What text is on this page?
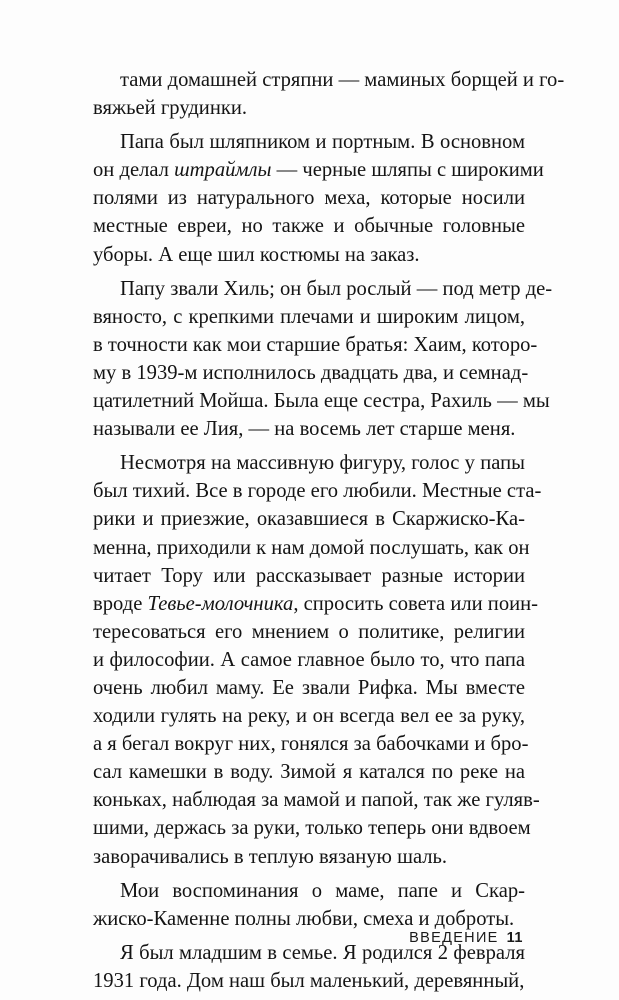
тами домашней стряпни — маминых борщей и го-
вяжьей грудинки.
Папа был шляпником и портным. В основном
он делал штраймлы — черные шляпы с широкими
полями из натурального меха, которые носили
местные евреи, но также и обычные головные
уборы. А еще шил костюмы на заказ.
Папу звали Хиль; он был рослый — под метр де-
вяносто, с крепкими плечами и широким лицом,
в точности как мои старшие братья: Хаим, которо-
му в 1939-м исполнилось двадцать два, и семнад-
цатилетний Мойша. Была еще сестра, Рахиль — мы
называли ее Лия, — на восемь лет старше меня.
Несмотря на массивную фигуру, голос у папы
был тихий. Все в городе его любили. Местные ста-
рики и приезжие, оказавшиеся в Скаржиско-Ка-
менна, приходили к нам домой послушать, как он
читает Тору или рассказывает разные истории
вроде Тевье-молочника, спросить совета или поин-
тересоваться его мнением о политике, религии
и философии. А самое главное было то, что папа
очень любил маму. Ее звали Рифка. Мы вместе
ходили гулять на реку, и он всегда вел ее за руку,
а я бегал вокруг них, гонялся за бабочками и бро-
сал камешки в воду. Зимой я катался по реке на
коньках, наблюдая за мамой и папой, так же гуляв-
шими, держась за руки, только теперь они вдвоем
заворачивались в теплую вязаную шаль.
Мои воспоминания о маме, папе и Скар-
жиско-Каменне полны любви, смеха и доброты.
Я был младшим в семье. Я родился 2 февраля
1931 года. Дом наш был маленький, деревянный,
ВВЕДЕНИЕ 11
